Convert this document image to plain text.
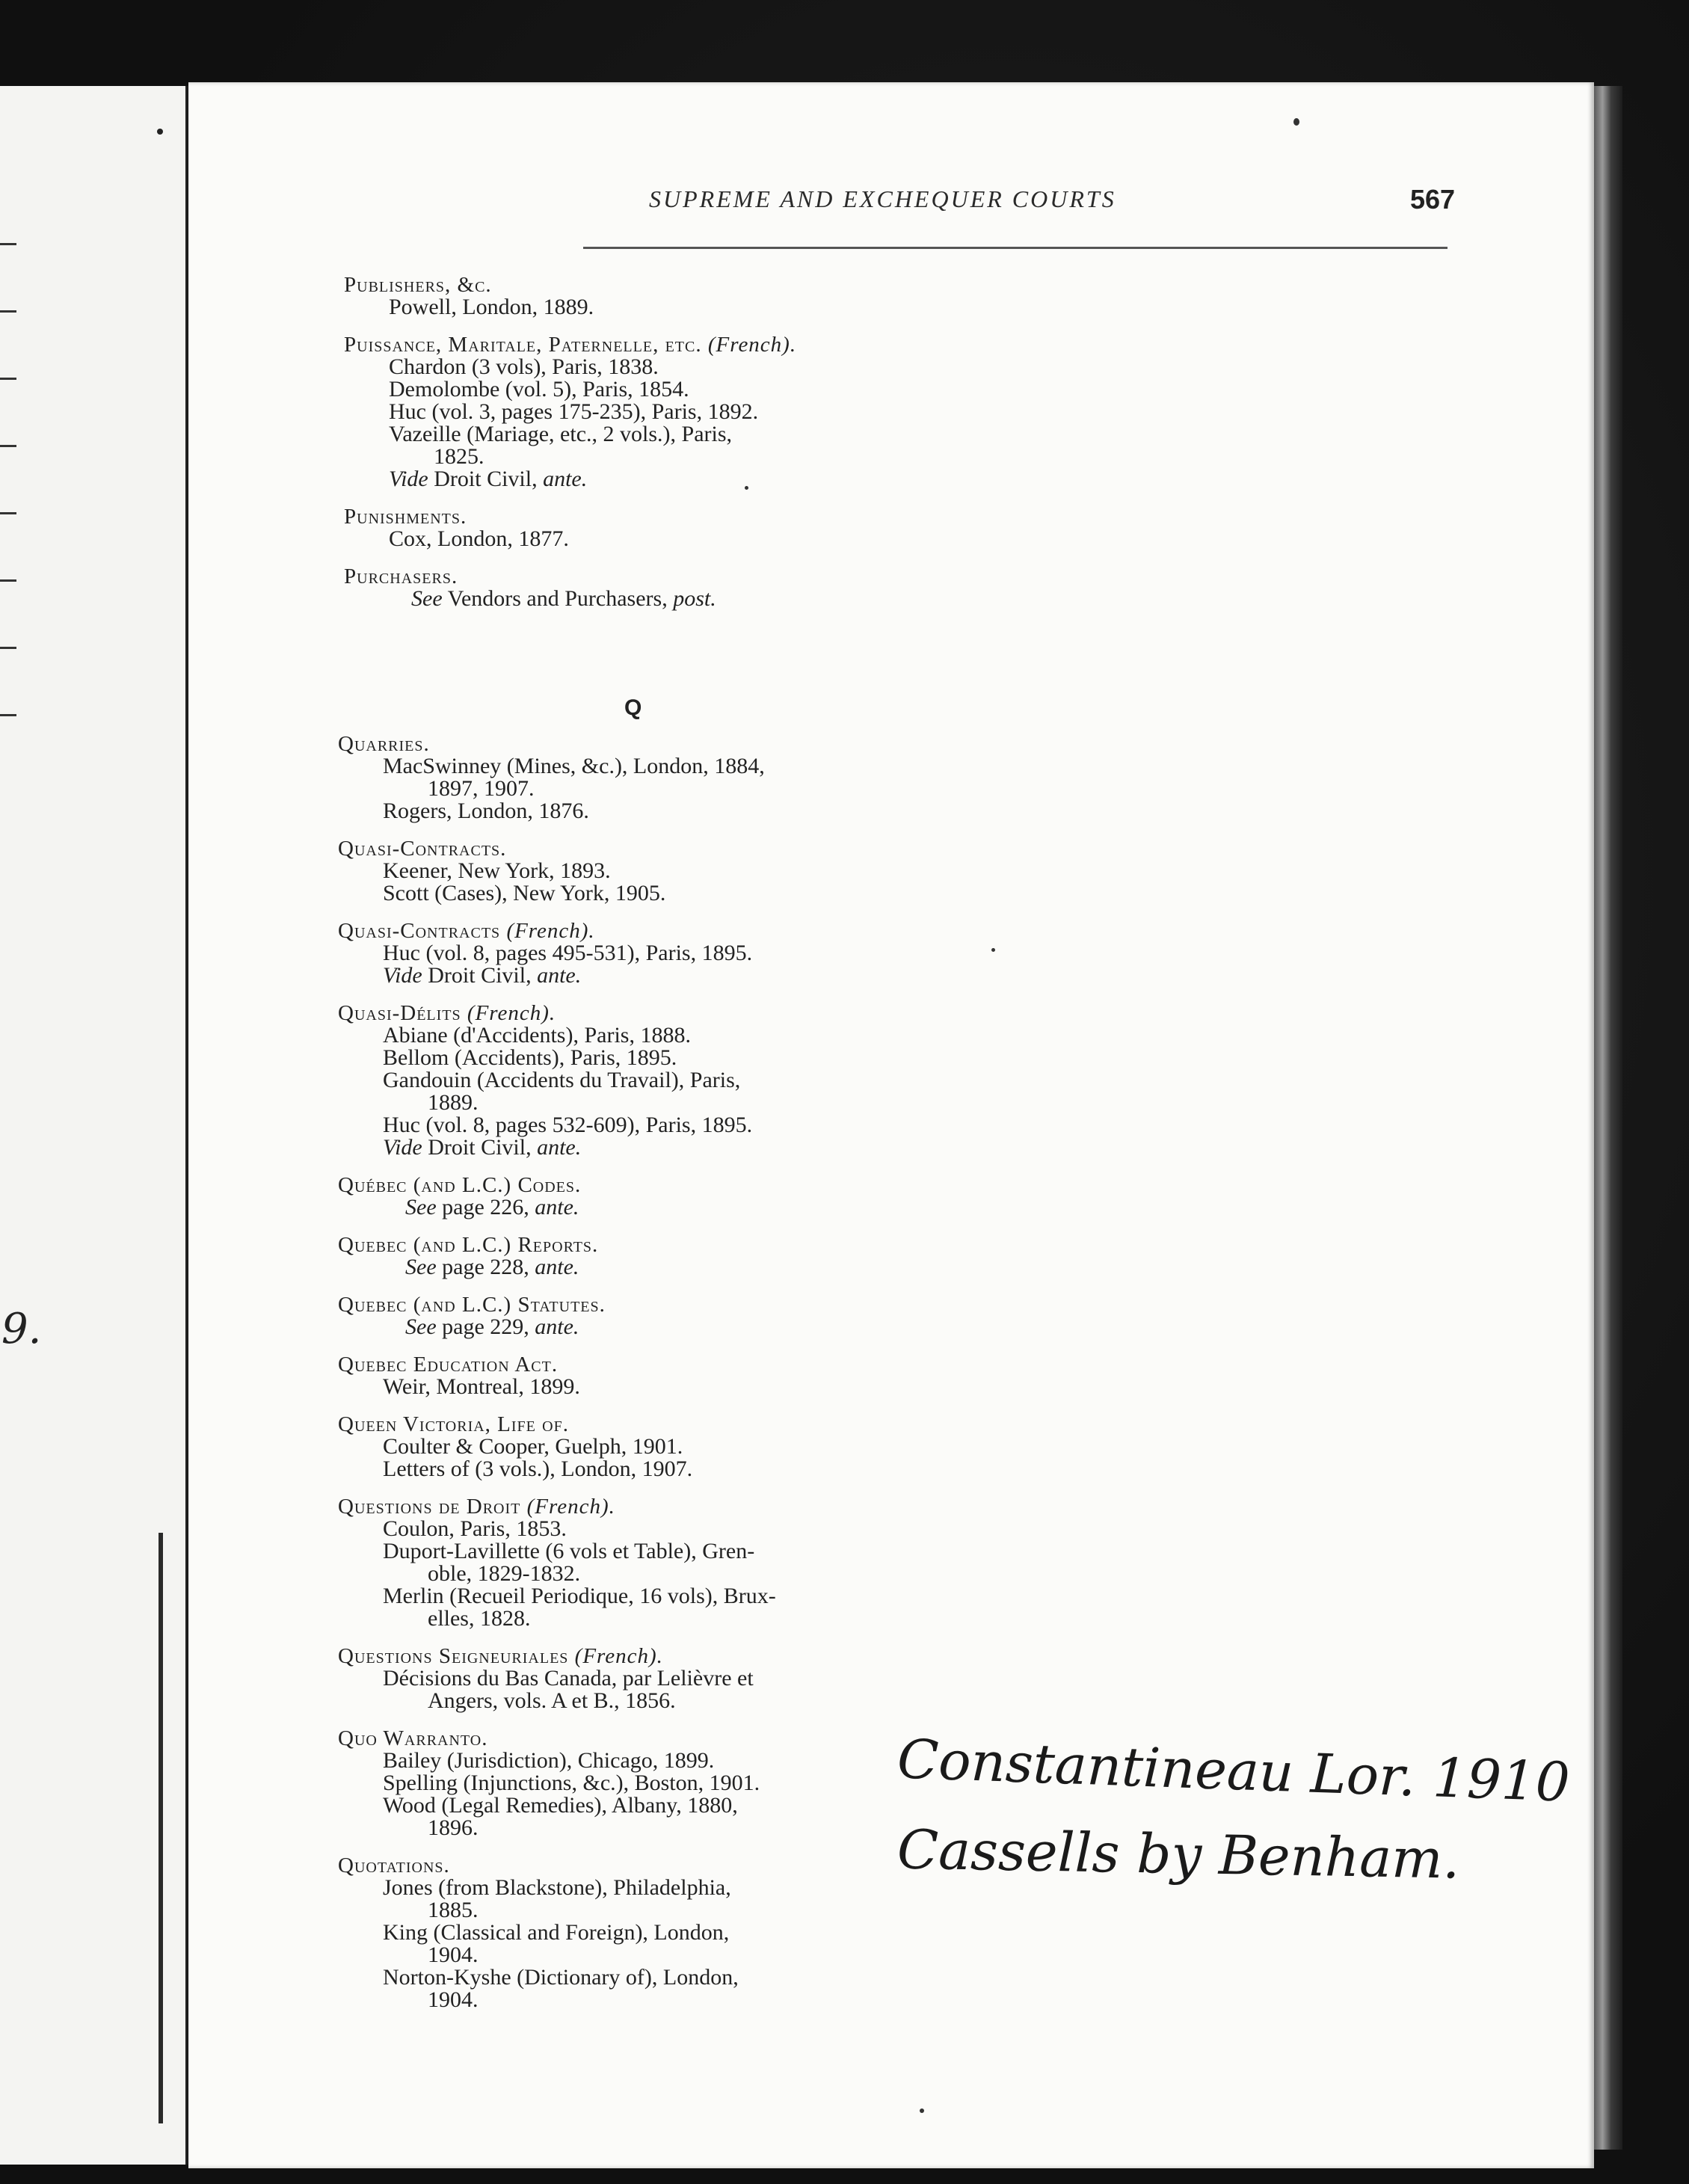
9.
SUPREME AND EXCHEQUER COURTS	567
Publishers, &c.
Powell, London, 1889.
Puissance, Maritale, Paternelle, etc. (French).
Chardon (3 vols), Paris, 1838.
Demolombe (vol. 5), Paris, 1854.
Huc (vol. 3, pages 175-235), Paris, 1892.
Vazeille (Mariage, etc., 2 vols.), Paris,
1825.
Vide Droit Civil, ante.
Punishments.
Cox, London, 1877.
Purchasers.
See Vendors and Purchasers, post.
Q
Quarries.
MacSwinney (Mines, &c.), London, 1884,
1897, 1907.
Rogers, London, 1876.
Quasi-Contracts.
Keener, New York, 1893.
Scott (Cases), New York, 1905.
Quasi-Contracts (French).
Huc (vol. 8, pages 495-531), Paris, 1895.
Vide Droit Civil, ante.
Quasi-Délits (French).
Abiane (d'Accidents), Paris, 1888.
Bellom (Accidents), Paris, 1895.
Gandouin (Accidents du Travail), Paris,
1889.
Huc (vol. 8, pages 532-609), Paris, 1895.
Vide Droit Civil, ante.
Québec (and L.C.) Codes.
See page 226, ante.
Quebec (and L.C.) Reports.
See page 228, ante.
Quebec (and L.C.) Statutes.
See page 229, ante.
Quebec Education Act.
Weir, Montreal, 1899.
Queen Victoria, Life of.
Coulter & Cooper, Guelph, 1901.
Letters of (3 vols.), London, 1907.
Questions de Droit (French).
Coulon, Paris, 1853.
Duport-Lavillette (6 vols et Table), Gren-
oble, 1829-1832.
Merlin (Recueil Periodique, 16 vols), Brux-
elles, 1828.
Questions Seigneuriales (French).
Décisions du Bas Canada, par Lelièvre et
Angers, vols. A et B., 1856.
Quo Warranto.
Bailey (Jurisdiction), Chicago, 1899.
Spelling (Injunctions, &c.), Boston, 1901.
Wood (Legal Remedies), Albany, 1880,
1896.
Quotations.
Jones (from Blackstone), Philadelphia,
1885.
King (Classical and Foreign), London,
1904.
Norton-Kyshe (Dictionary of), London,
1904.
Constantineau Lor. 1910
Cassells by Benham.
